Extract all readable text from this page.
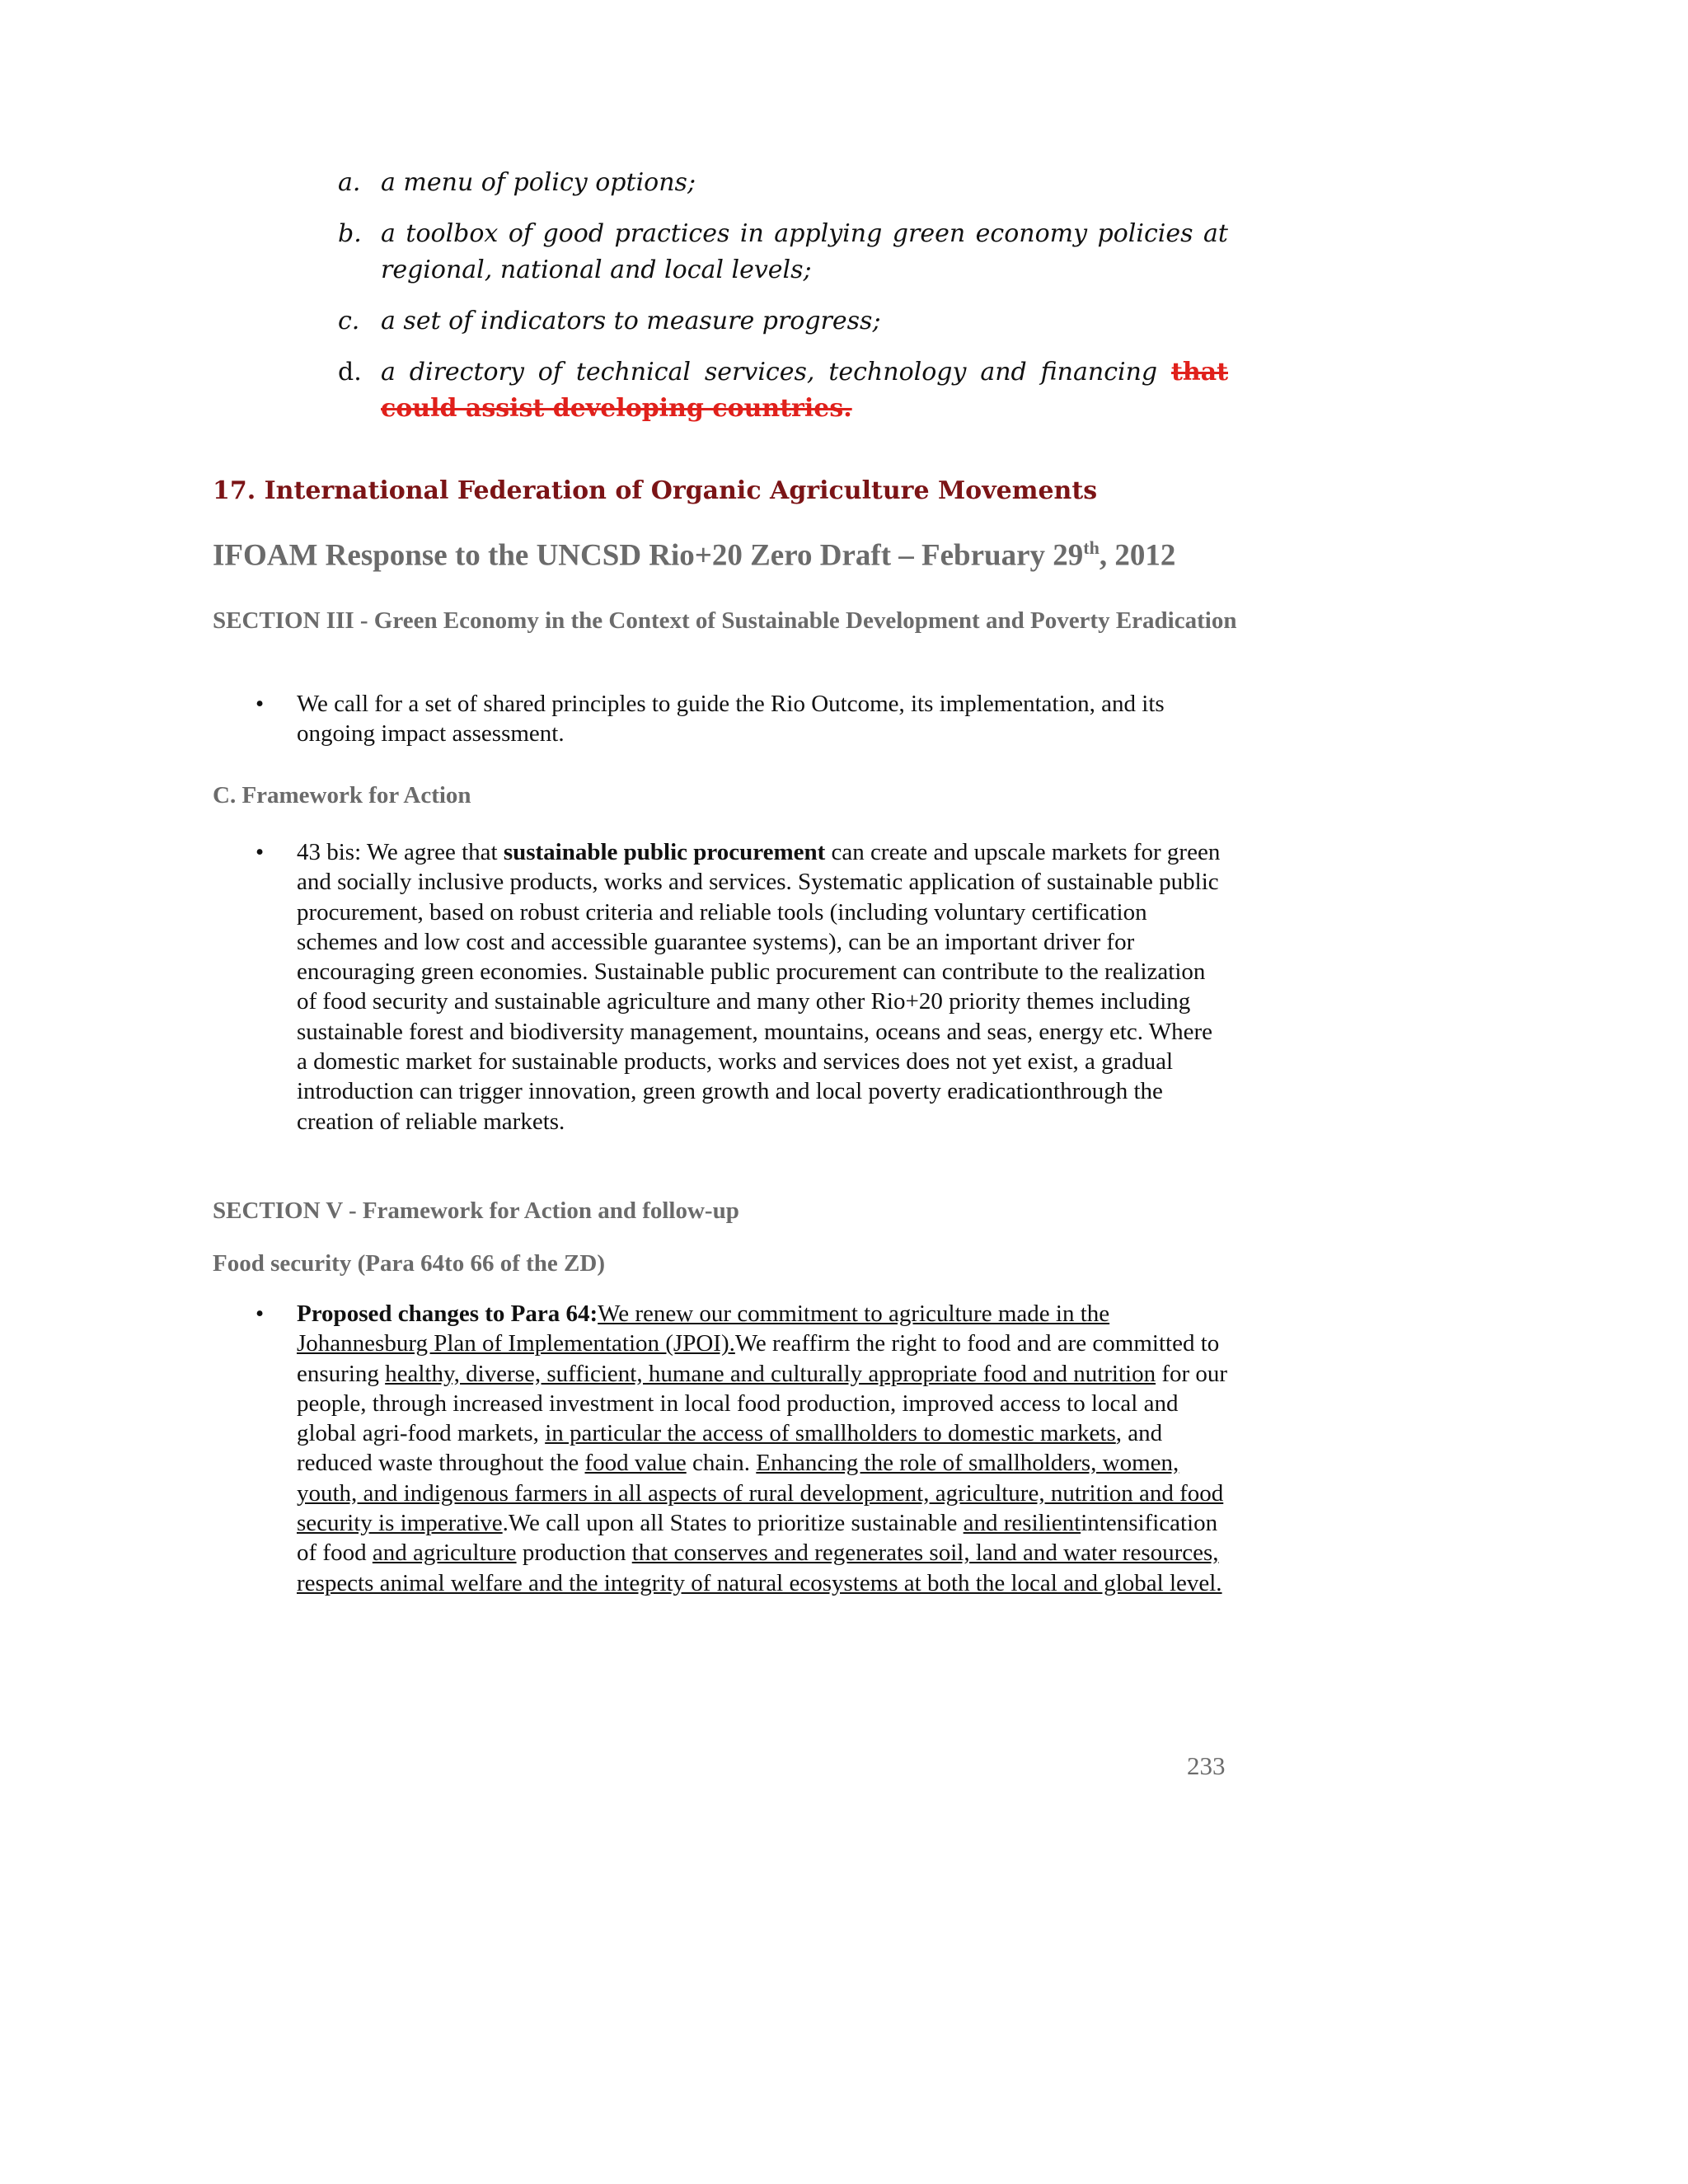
a. a menu of policy options;
b. a toolbox of good practices in applying green economy policies at regional, national and local levels;
c. a set of indicators to measure progress;
d. a directory of technical services, technology and financing that could assist developing countries.
17. International Federation of Organic Agriculture Movements
IFOAM Response to the UNCSD Rio+20 Zero Draft – February 29th, 2012
SECTION III - Green Economy in the Context of Sustainable Development and Poverty Eradication
• We call for a set of shared principles to guide the Rio Outcome, its implementation, and its ongoing impact assessment.
C. Framework for Action
• 43 bis: We agree that sustainable public procurement can create and upscale markets for green and socially inclusive products, works and services. Systematic application of sustainable public procurement, based on robust criteria and reliable tools (including voluntary certification schemes and low cost and accessible guarantee systems), can be an important driver for encouraging green economies. Sustainable public procurement can contribute to the realization of food security and sustainable agriculture and many other Rio+20 priority themes including sustainable forest and biodiversity management, mountains, oceans and seas, energy etc. Where a domestic market for sustainable products, works and services does not yet exist, a gradual introduction can trigger innovation, green growth and local poverty eradicationthrough the creation of reliable markets.
SECTION V - Framework for Action and follow-up
Food security (Para 64to 66 of the ZD)
• Proposed changes to Para 64:We renew our commitment to agriculture made in the Johannesburg Plan of Implementation (JPOI).We reaffirm the right to food and are committed to ensuring healthy, diverse, sufficient, humane and culturally appropriate food and nutrition for our people, through increased investment in local food production, improved access to local and global agri-food markets, in particular the access of smallholders to domestic markets, and reduced waste throughout the food value chain. Enhancing the role of smallholders, women, youth, and indigenous farmers in all aspects of rural development, agriculture, nutrition and food security is imperative.We call upon all States to prioritize sustainable and resilientintensification of food and agriculture production that conserves and regenerates soil, land and water resources, respects animal welfare and the integrity of natural ecosystems at both the local and global level.
233
